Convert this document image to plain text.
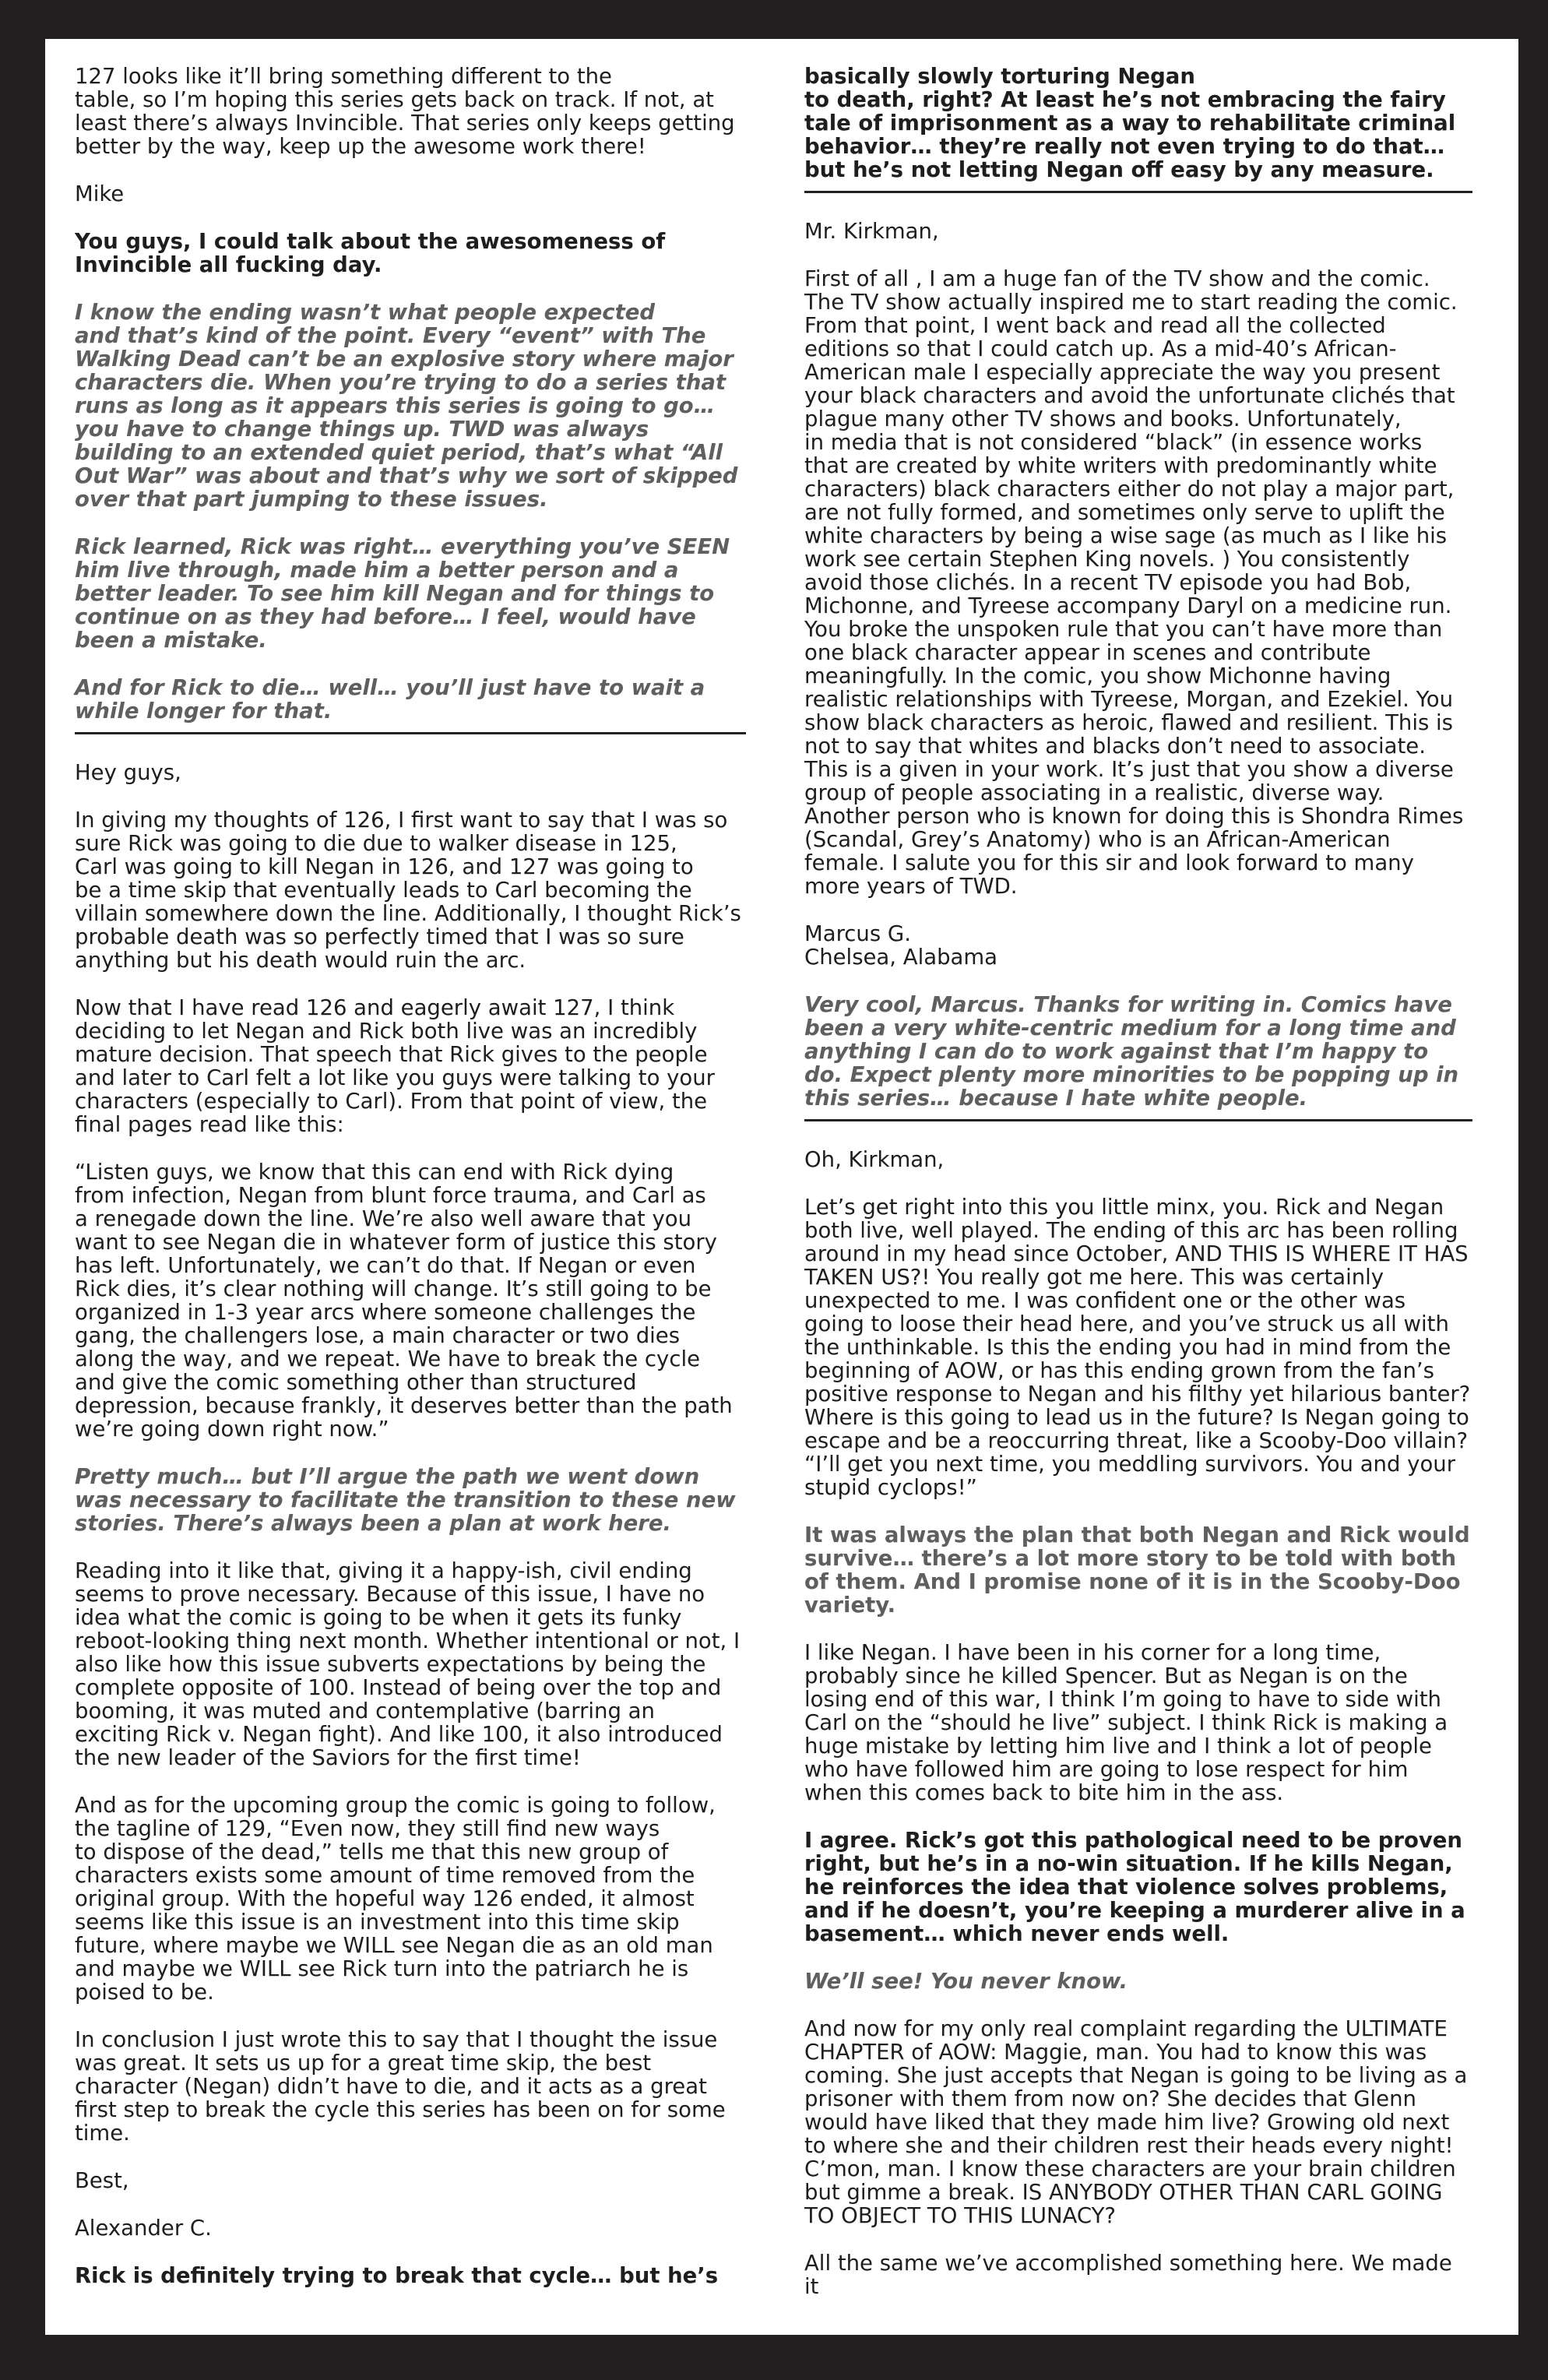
127 looks like it’ll bring something different to the
table, so I’m hoping this series gets back on track. If not, at least there’s always Invincible. That series only keeps getting better by the way, keep up the awesome work there!

Mike

You guys, I could talk about the awesomeness of Invincible all fucking day.

I know the ending wasn’t what people expected
and that’s kind of the point. Every “event” with The Walking Dead can’t be an explosive story where major characters die. When you’re trying to do a series that runs as long as it appears this series is going to go… you have to change things up. TWD was always building to an extended quiet period, that’s what “All Out War” was about and that’s why we sort of skipped over that part jumping to these issues.

Rick learned, Rick was right… everything you’ve SEEN him live through, made him a better person and a better leader. To see him kill Negan and for things to continue on as they had before… I feel, would have been a mistake.

And for Rick to die… well… you’ll just have to wait a while longer for that.

Hey guys,

In giving my thoughts of 126, I first want to say that I was so sure Rick was going to die due to walker disease in 125,
Carl was going to kill Negan in 126, and 127 was going to
be a time skip that eventually leads to Carl becoming the villain somewhere down the line. Additionally, I thought Rick’s probable death was so perfectly timed that I was so sure anything but his death would ruin the arc.

Now that I have read 126 and eagerly await 127, I think deciding to let Negan and Rick both live was an incredibly mature decision. That speech that Rick gives to the people and later to Carl felt a lot like you guys were talking to your characters (especially to Carl). From that point of view, the final pages read like this:

“Listen guys, we know that this can end with Rick dying
from infection, Negan from blunt force trauma, and Carl as
a renegade down the line. We’re also well aware that you
want to see Negan die in whatever form of justice this story has left. Unfortunately, we can’t do that. If Negan or even Rick dies, it’s clear nothing will change. It’s still going to be organized in 1-3 year arcs where someone challenges the gang, the challengers lose, a main character or two dies along the way, and we repeat. We have to break the cycle and give the comic something other than structured depression, because frankly, it deserves better than the path we’re going down right now.”

Pretty much… but I’ll argue the path we went down was necessary to facilitate the transition to these new stories. There’s always been a plan at work here.

Reading into it like that, giving it a happy-ish, civil ending seems to prove necessary. Because of this issue, I have no idea what the comic is going to be when it gets its funky reboot-looking thing next month. Whether intentional or not, I also like how this issue subverts expectations by being the complete opposite of 100. Instead of being over the top and booming, it was muted and contemplative (barring an exciting Rick v. Negan fight). And like 100, it also introduced the new leader of the Saviors for the first time!

And as for the upcoming group the comic is going to follow, the tagline of 129, “Even now, they still find new ways
to dispose of the dead,” tells me that this new group of characters exists some amount of time removed from the original group. With the hopeful way 126 ended, it almost seems like this issue is an investment into this time skip future, where maybe we WILL see Negan die as an old man and maybe we WILL see Rick turn into the patriarch he is poised to be.

In conclusion I just wrote this to say that I thought the issue was great. It sets us up for a great time skip, the best character (Negan) didn’t have to die, and it acts as a great first step to break the cycle this series has been on for some time.

Best,

Alexander C.

Rick is definitely trying to break that cycle… but he’s

basically slowly torturing Negan
to death, right? At least he’s not embracing the fairy tale of imprisonment as a way to rehabilitate criminal behavior… they’re really not even trying to do that… but he’s not letting Negan off easy by any measure.

Mr. Kirkman,

First of all , I am a huge fan of the TV show and the comic. The TV show actually inspired me to start reading the comic. From that point, I went back and read all the collected editions so that I could catch up. As a mid-40’s African-American male I especially appreciate the way you present your black characters and avoid the unfortunate clichés that plague many other TV shows and books. Unfortunately,
in media that is not considered “black” (in essence works that are created by white writers with predominantly white characters) black characters either do not play a major part, are not fully formed, and sometimes only serve to uplift the white characters by being a wise sage (as much as I like his work see certain Stephen King novels. ) You consistently avoid those clichés. In a recent TV episode you had Bob, Michonne, and Tyreese accompany Daryl on a medicine run. You broke the unspoken rule that you can’t have more than one black character appear in scenes and contribute meaningfully. In the comic, you show Michonne having realistic relationships with Tyreese, Morgan, and Ezekiel. You show black characters as heroic, flawed and resilient. This is not to say that whites and blacks don’t need to associate. This is a given in your work. It’s just that you show a diverse group of people associating in a realistic, diverse way. Another person who is known for doing this is Shondra Rimes (Scandal, Grey’s Anatomy) who is an African-American female. I salute you for this sir and look forward to many more years of TWD.

Marcus G.
Chelsea, Alabama

Very cool, Marcus. Thanks for writing in. Comics have been a very white-centric medium for a long time and anything I can do to work against that I’m happy to do. Expect plenty more minorities to be popping up in this series… because I hate white people.

Oh, Kirkman,

Let’s get right into this you little minx, you. Rick and Negan both live, well played. The ending of this arc has been rolling around in my head since October, AND THIS IS WHERE IT HAS TAKEN US?! You really got me here. This was certainly unexpected to me. I was confident one or the other was going to loose their head here, and you’ve struck us all with the unthinkable. Is this the ending you had in mind from the beginning of AOW, or has this ending grown from the fan’s positive response to Negan and his filthy yet hilarious banter? Where is this going to lead us in the future? Is Negan going to escape and be a reoccurring threat, like a Scooby-Doo villain? “I’ll get you next time, you meddling survivors. You and your stupid cyclops!”

It was always the plan that both Negan and Rick would survive… there’s a lot more story to be told with both of them. And I promise none of it is in the Scooby-Doo variety.

I like Negan. I have been in his corner for a long time, probably since he killed Spencer. But as Negan is on the losing end of this war, I think I’m going to have to side with Carl on the “should he live” subject. I think Rick is making a huge mistake by letting him live and I think a lot of people who have followed him are going to lose respect for him when this comes back to bite him in the ass.

I agree. Rick’s got this pathological need to be proven right, but he’s in a no-win situation. If he kills Negan, he reinforces the idea that violence solves problems, and if he doesn’t, you’re keeping a murderer alive in a basement… which never ends well.

We’ll see! You never know.

And now for my only real complaint regarding the ULTIMATE CHAPTER of AOW: Maggie, man. You had to know this was coming. She just accepts that Negan is going to be living as a prisoner with them from now on? She decides that Glenn would have liked that they made him live? Growing old next to where she and their children rest their heads every night! C’mon, man. I know these characters are your brain children but gimme a break. IS ANYBODY OTHER THAN CARL GOING TO OBJECT TO THIS LUNACY?

All the same we’ve accomplished something here. We made it
